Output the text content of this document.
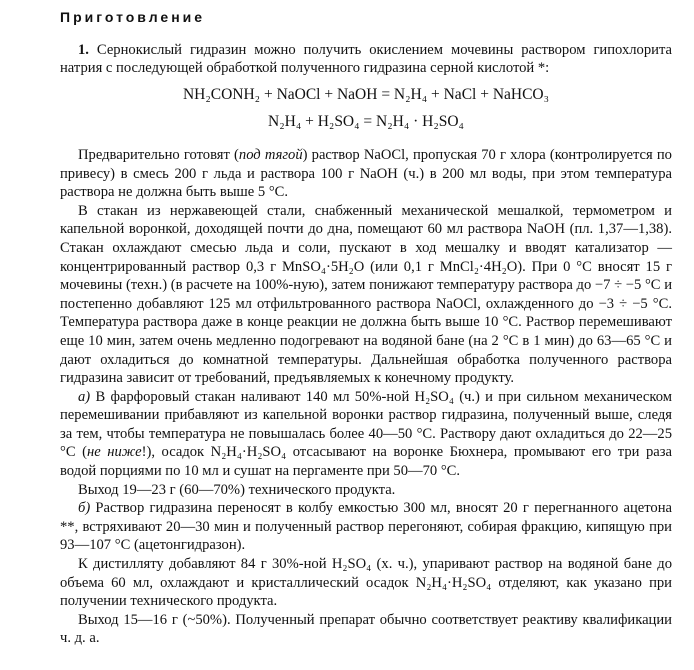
Приготовление

1. Сернокислый гидразин можно получить окислением мочевины раствором гипохлорита натрия с последующей обработкой полученного гидразина серной кислотой *:

NH₂CONH₂ + NaOCl + NaOH = N₂H₄ + NaCl + NaHCO₃

N₂H₄ + H₂SO₄ = N₂H₄ · H₂SO₄

Предварительно готовят (под тягой) раствор NaOCl, пропуская 70 г хлора (контролируется по привесу) в смесь 200 г льда и раствора 100 г NaOH (ч.) в 200 мл воды, при этом температура раствора не должна быть выше 5 °С.

В стакан из нержавеющей стали, снабженный механической мешалкой, термометром и капельной воронкой, доходящей почти до дна, помещают 60 мл раствора NaOH (пл. 1,37—1,38). Стакан охлаждают смесью льда и соли, пускают в ход мешалку и вводят катализатор — концентрированный раствор 0,3 г MnSO₄·5H₂O (или 0,1 г MnCl₂·4H₂O). При 0 °С вносят 15 г мочевины (техн.) (в расчете на 100%-ную), затем понижают температуру раствора до −7 ÷ −5 °С и постепенно добавляют 125 мл отфильтрованного раствора NaOCl, охлажденного до −3 ÷ −5 °С. Температура раствора даже в конце реакции не должна быть выше 10 °С. Раствор перемешивают еще 10 мин, затем очень медленно подогревают на водяной бане (на 2 °С в 1 мин) до 63—65 °С и дают охладиться до комнатной температуры. Дальнейшая обработка полученного раствора гидразина зависит от требований, предъявляемых к конечному продукту.

а) В фарфоровый стакан наливают 140 мл 50%-ной H₂SO₄ (ч.) и при сильном механическом перемешивании прибавляют из капельной воронки раствор гидразина, полученный выше, следя за тем, чтобы температура не повышалась более 40—50 °С. Раствору дают охладиться до 22—25 °С (не ниже!), осадок N₂H₄·H₂SO₄ отсасывают на воронке Бюхнера, промывают его три раза водой порциями по 10 мл и сушат на пергаменте при 50—70 °С.

Выход 19—23 г (60—70%) технического продукта.

б) Раствор гидразина переносят в колбу емкостью 300 мл, вносят 20 г перегнанного ацетона **, встряхивают 20—30 мин и полученный раствор перегоняют, собирая фракцию, кипящую при 93—107 °С (ацетонгидразон).

К дистилляту добавляют 84 г 30%-ной H₂SO₄ (х. ч.), упаривают раствор на водяной бане до объема 60 мл, охлаждают и кристаллический осадок N₂H₄·H₂SO₄ отделяют, как указано при получении технического продукта.

Выход 15—16 г (~50%). Полученный препарат обычно соответствует реактиву квалификации ч. д. а.
